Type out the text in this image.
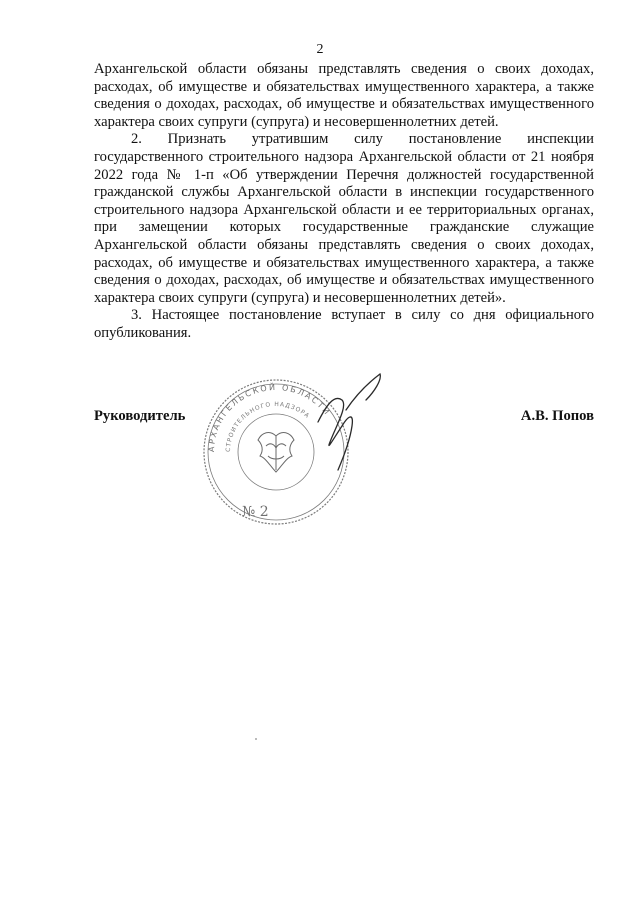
2

Архангельской области обязаны представлять сведения о своих доходах, расходах, об имуществе и обязательствах имущественного характера, а также сведения о доходах, расходах, об имуществе и обязательствах имущественного характера своих супруги (супруга) и несовершеннолетних детей.

2. Признать утратившим силу постановление инспекции государственного строительного надзора Архангельской области от 21 ноября 2022 года № 1-п «Об утверждении Перечня должностей государственной гражданской службы Архангельской области в инспекции государственного строительного надзора Архангельской области и ее территориальных органах, при замещении которых государственные гражданские служащие Архангельской области обязаны представлять сведения о своих доходах, расходах, об имуществе и обязательствах имущественного характера, а также сведения о доходах, расходах, об имуществе и обязательствах имущественного характера своих супруги (супруга) и несовершеннолетних детей».

3. Настоящее постановление вступает в силу со дня официального опубликования.

АРХАНГЕЛЬСКОЙ ОБЛАСТИ
СТРОИТЕЛЬНОГО НАДЗОРА
№ 2
Руководитель	А.В. Попов
